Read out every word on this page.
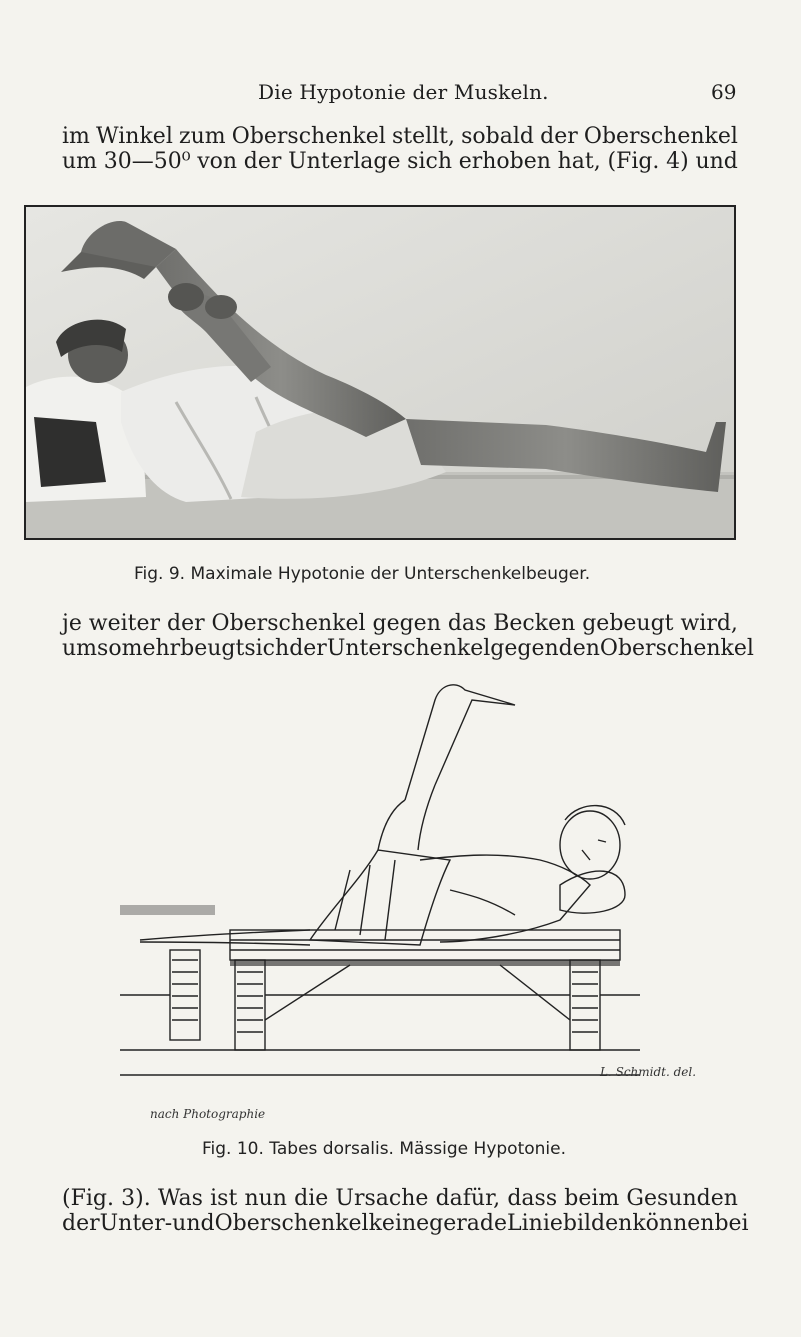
Die Hypotonie der Muskeln.	69
im Winkel zum Oberschenkel stellt, sobald der Oberschenkel
um 30—50⁰ von der Unterlage sich erhoben hat, (Fig. 4) und
Fig. 9. Maximale Hypotonie der Unterschenkelbeuger.
je weiter der Oberschenkel gegen das Becken gebeugt wird,
um so mehr beugt sich der Unterschenkel gegen den Oberschenkel
L. Schmidt. del.
nach Photographie
Fig. 10. Tabes dorsalis. Mässige Hypotonie.
(Fig. 3). Was ist nun die Ursache dafür, dass beim Gesunden
der Unter- und Oberschenkel keine gerade Linie bilden können bei
